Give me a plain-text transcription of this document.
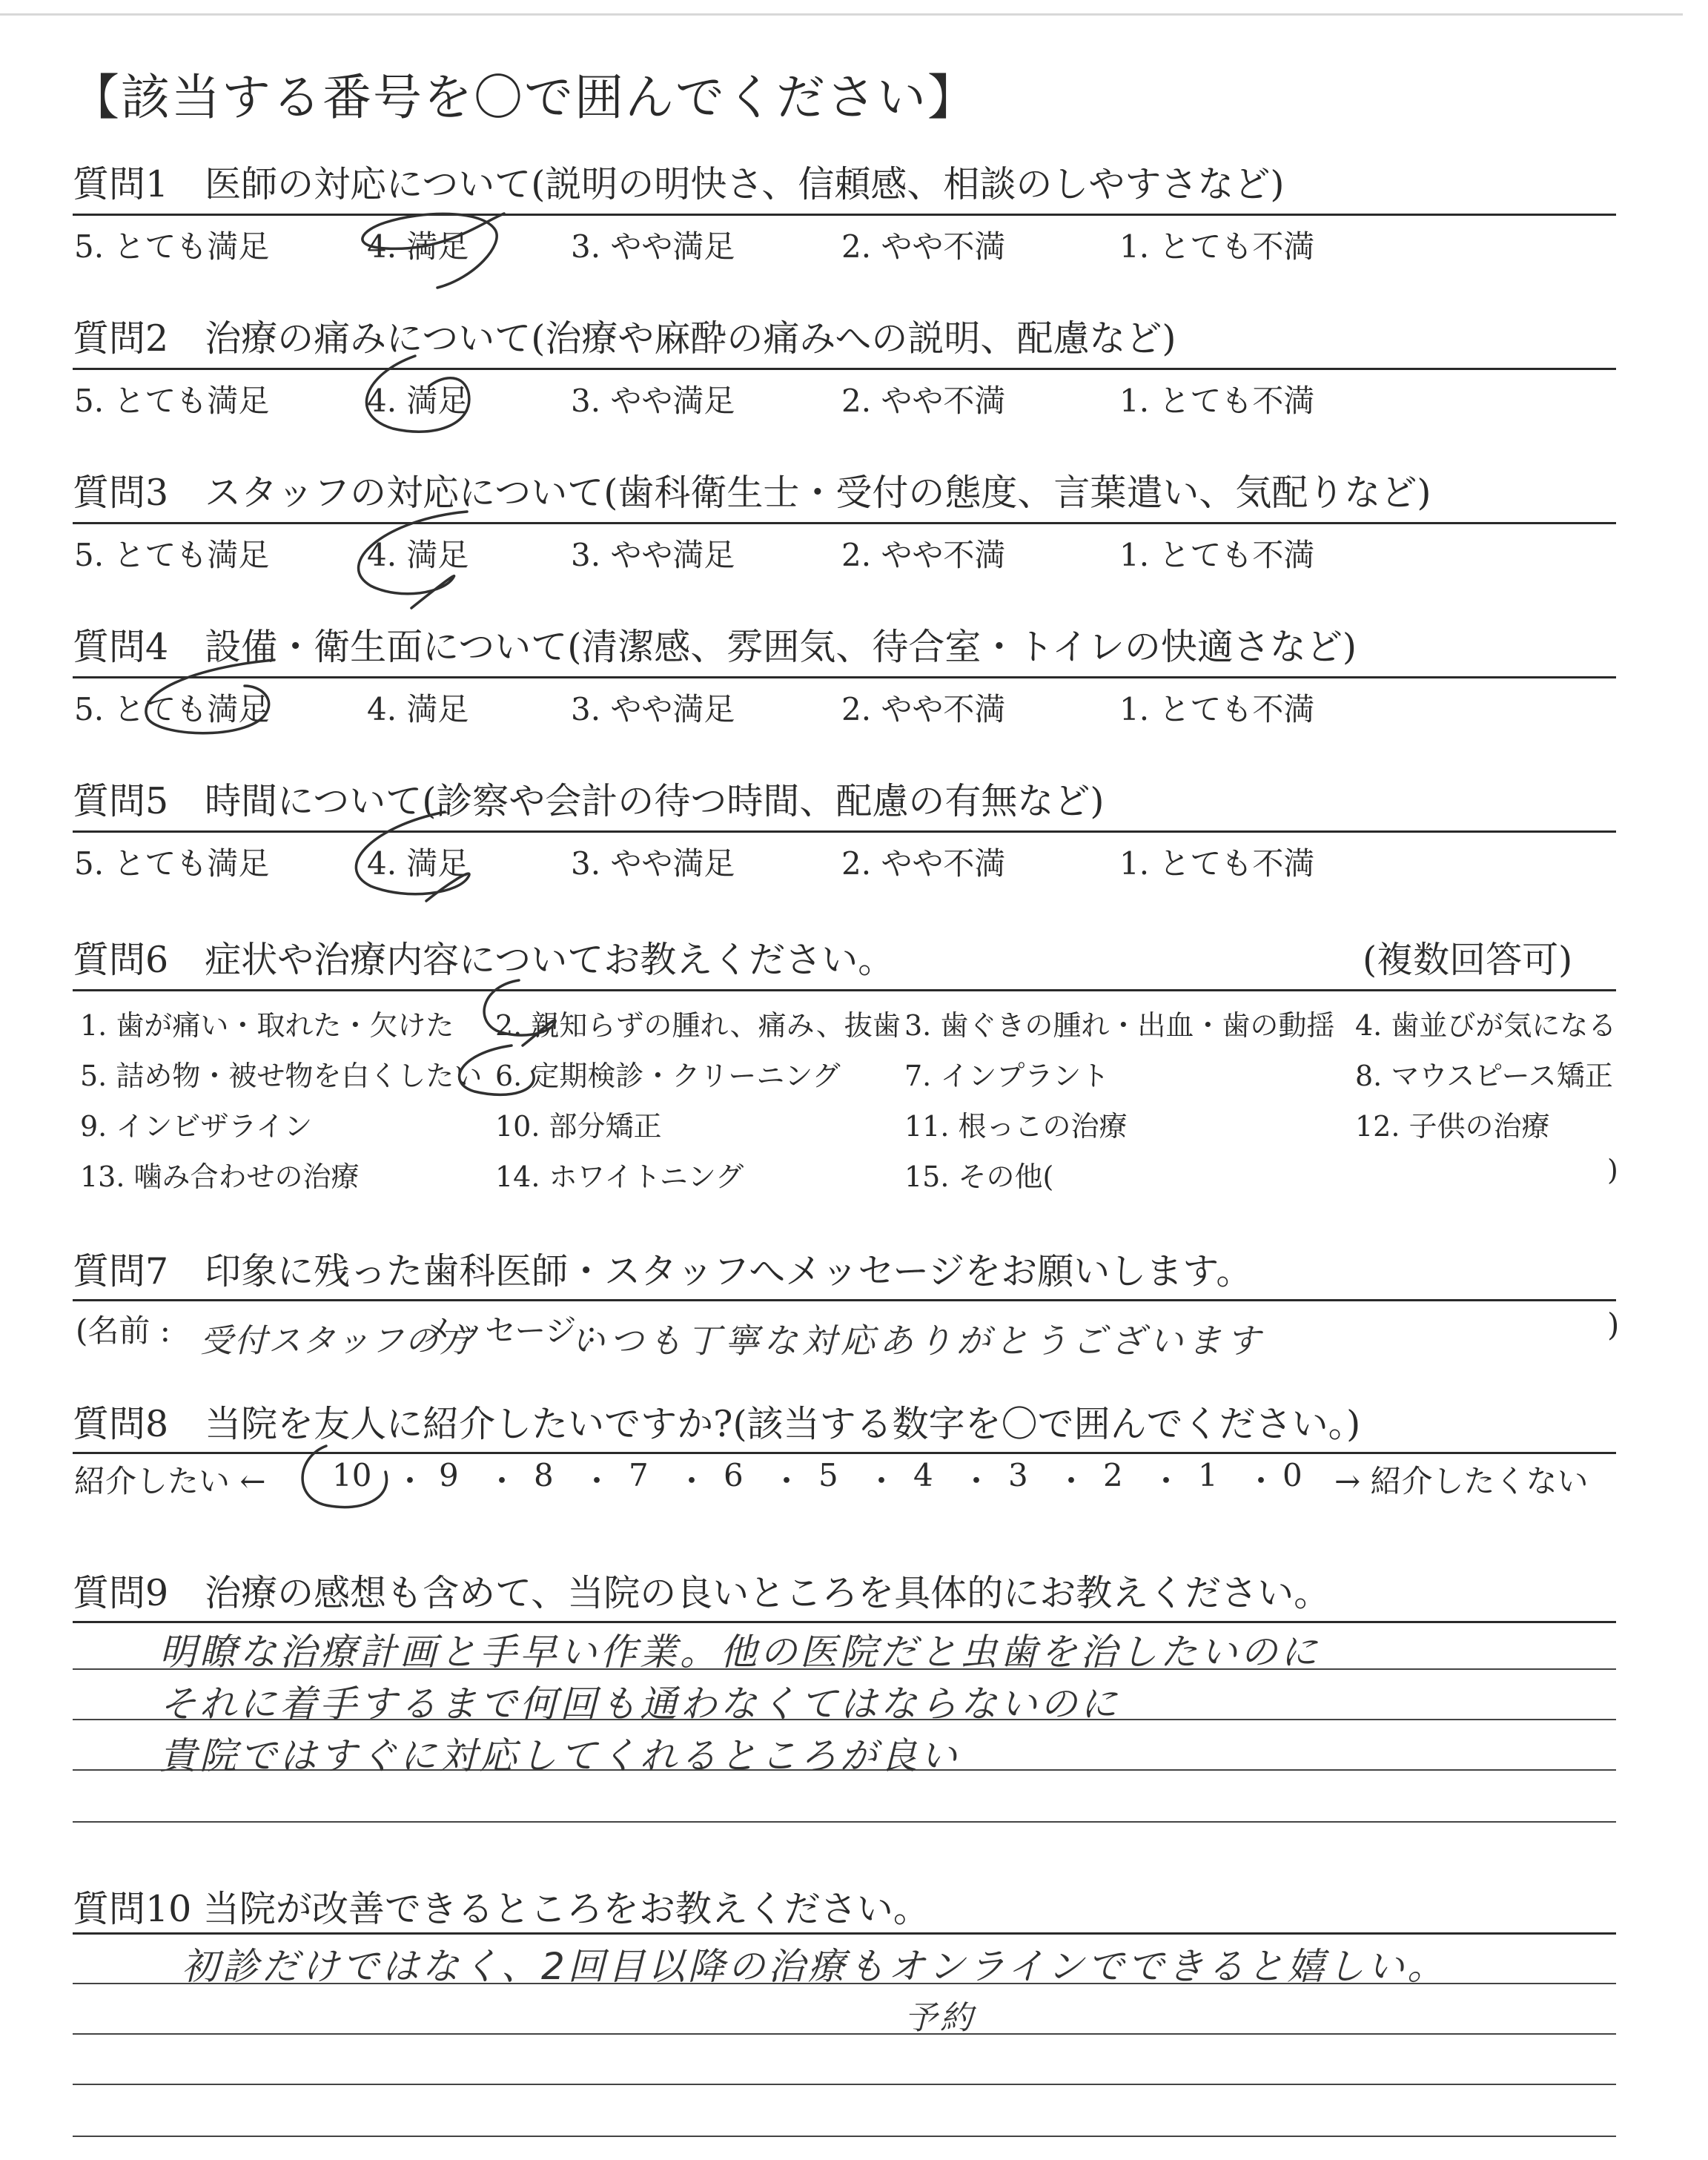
【該当する番号を〇で囲んでください】
質問1　医師の対応について(説明の明快さ、信頼感、相談のしやすさなど)
5. とても満足	4. 満足	3. やや満足	2. やや不満	1. とても不満
質問2　治療の痛みについて(治療や麻酔の痛みへの説明、配慮など)
5. とても満足	4. 満足	3. やや満足	2. やや不満	1. とても不満
質問3　スタッフの対応について(歯科衛生士・受付の態度、言葉遣い、気配りなど)
5. とても満足	4. 満足	3. やや満足	2. やや不満	1. とても不満
質問4　設備・衛生面について(清潔感、雰囲気、待合室・トイレの快適さなど)
5. とても満足	4. 満足	3. やや満足	2. やや不満	1. とても不満
質問5　時間について(診察や会計の待つ時間、配慮の有無など)
5. とても満足	4. 満足	3. やや満足	2. やや不満	1. とても不満
質問6　症状や治療内容についてお教えください。	(複数回答可)
1. 歯が痛い・取れた・欠けた 2. 親知らずの腫れ、痛み、抜歯 3. 歯ぐきの腫れ・出血・歯の動揺 4. 歯並びが気になる
5. 詰め物・被せ物を白くしたい 6. 定期検診・クリーニング 7. インプラント	8. マウスピース矯正
9. インビザライン	10. 部分矯正	11. 根っこの治療	12. 子供の治療
13. 噛み合わせの治療	14. ホワイトニング	15. その他(	)
質問7　印象に残った歯科医師・スタッフへメッセージをお願いします。
(名前 : 受付スタッフの方
メッセージ :
いつも丁寧な対応ありがとうございます	)
質問8　当院を友人に紹介したいですか?(該当する数字を〇で囲んでください。)
紹介したい ← 10 ・ 9 ・ 8 ・ 7 ・ 6 ・ 5 ・ 4 ・ 3 ・ 2 ・ 1 ・ 0 → 紹介したくない
質問9　治療の感想も含めて、当院の良いところを具体的にお教えください。
明瞭な治療計画と手早い作業。他の医院だと虫歯を治したいのに
それに着手するまで何回も通わなくてはならないのに
貴院ではすぐに対応してくれるところが良い
質問10 当院が改善できるところをお教えください。
初診だけではなく、2回目以降の治療もオンラインでできると嬉しい。
予約
